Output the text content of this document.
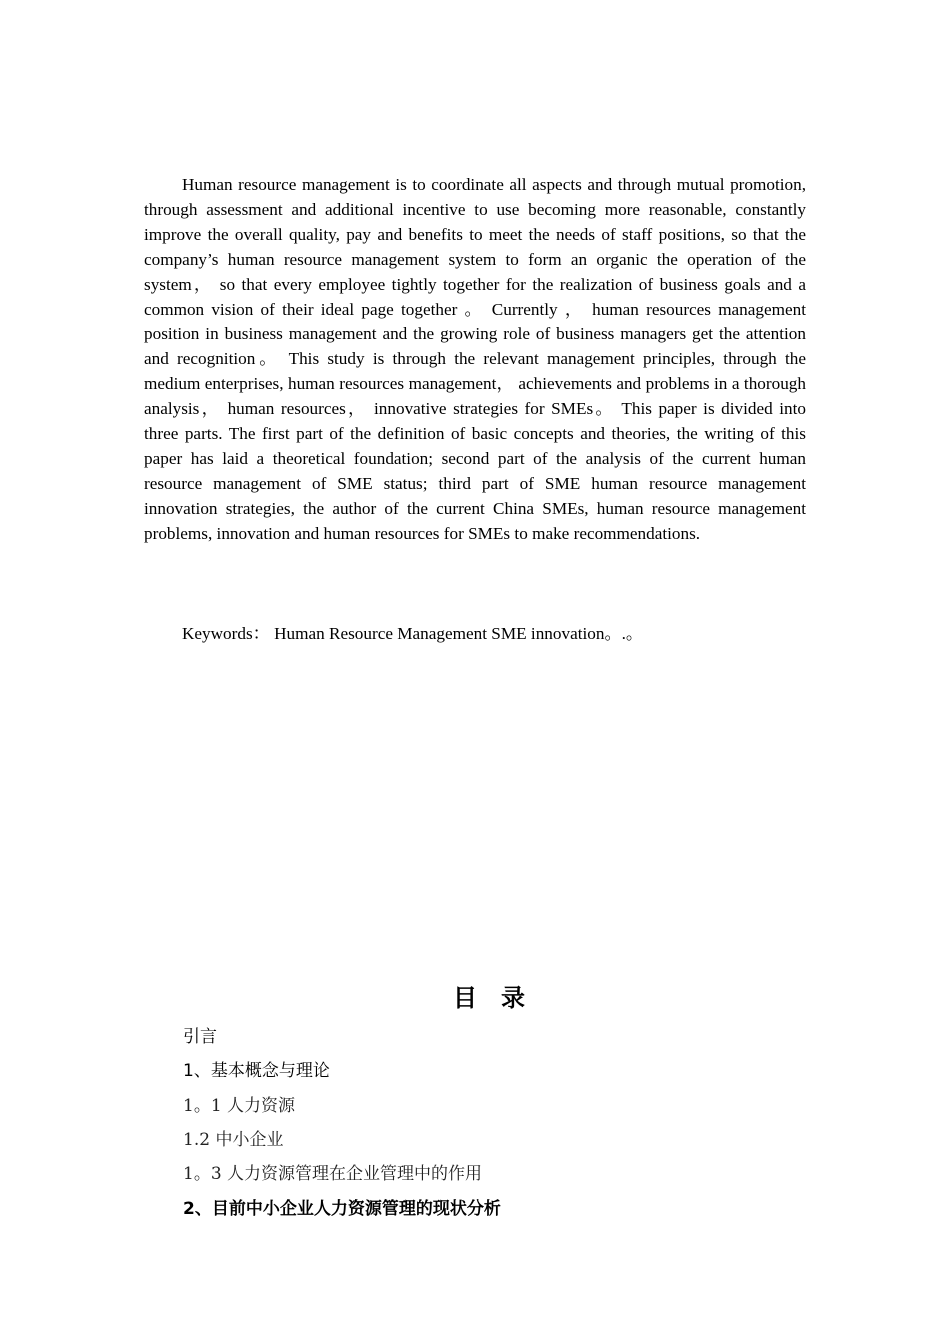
Human resource management is to coordinate all aspects and through mutual promotion, through assessment and additional incentive to use becoming more reasonable, constantly improve the overall quality, pay and benefits to meet the needs of staff positions, so that the company’s human resource management system to form an organic the operation of the system， so that every employee tightly together for the realization of business goals and a common vision of their ideal page together 。 Currently ， human resources management position in business management and the growing role of business managers get the attention and recognition。 This study is through the relevant management principles, through the medium enterprises, human resources management， achievements and problems in a thorough analysis， human resources， innovative strategies for SMEs。 This paper is divided into three parts. The first part of the definition of basic concepts and theories, the writing of this paper has laid a theoretical foundation; second part of the analysis of the current human resource management of SME status; third part of SME human resource management innovation strategies, the author of the current China SMEs, human resource management problems, innovation and human resources for SMEs to make recommendations.

Keywords： Human Resource Management SME innovation。.。

目录

引言

1、基本概念与理论

1。1 人力资源

1.2 中小企业

1。3 人力资源管理在企业管理中的作用

2、目前中小企业人力资源管理的现状分析
